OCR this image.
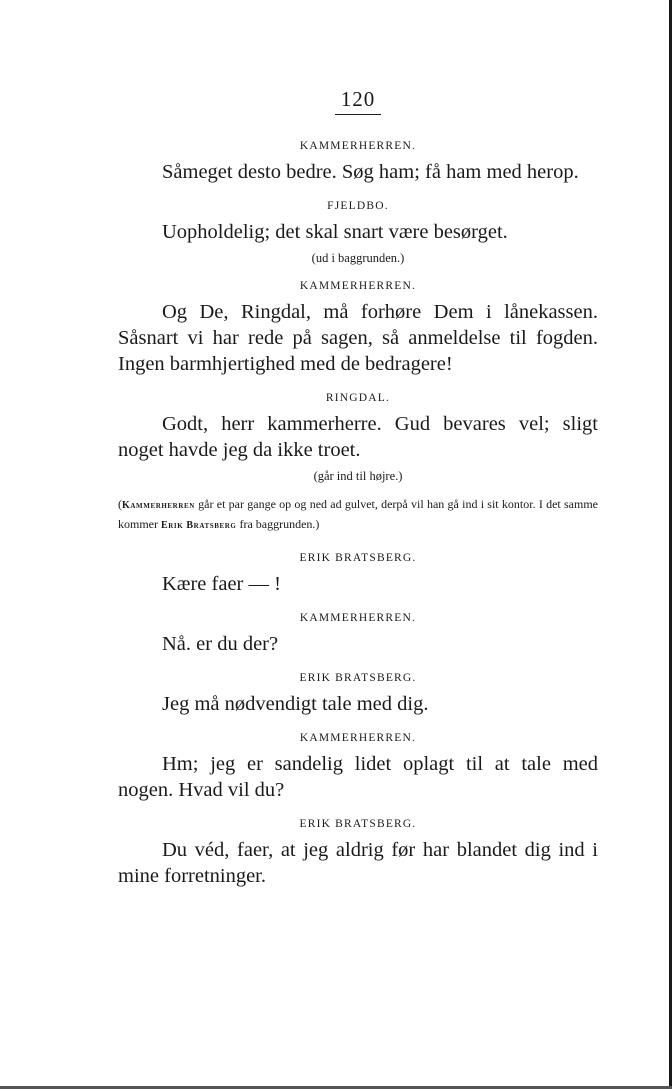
120
KAMMERHERREN.

Såmeget desto bedre. Søg ham; få ham med herop.

FJELDBO.

Uopholdelig; det skal snart være besørget.

(ud i baggrunden.)
KAMMERHERREN.

Og De, Ringdal, må forhøre Dem i lånekassen. Såsnart vi har rede på sagen, så anmeldelse til fogden. Ingen barmhjertighed med de bedragere!

RINGDAL.

Godt, herr kammerherre. Gud bevares vel; sligt noget havde jeg da ikke troet.

(går ind til højre.)

(Kammerherren går et par gange op og ned ad gulvet, derpå vil han gå ind i sit kontor. I det samme kommer Erik Bratsberg fra baggrunden.)

ERIK BRATSBERG.

Kære faer — !

KAMMERHERREN.

Nå. er du der?

ERIK BRATSBERG.

Jeg må nødvendigt tale med dig.

KAMMERHERREN.

Hm; jeg er sandelig lidet oplagt til at tale med nogen. Hvad vil du?

ERIK BRATSBERG.

Du véd, faer, at jeg aldrig før har blandet dig ind i mine forretninger.
